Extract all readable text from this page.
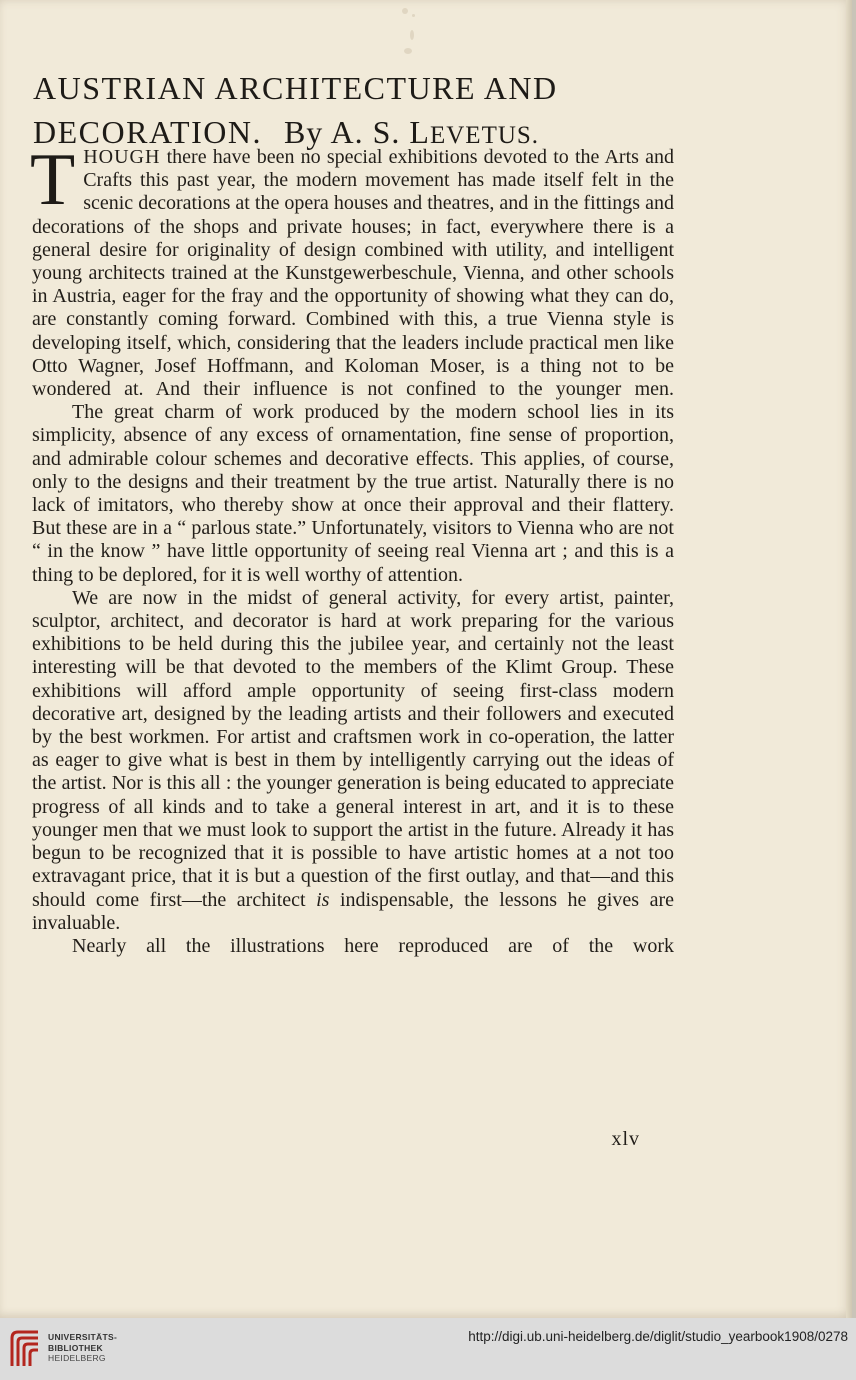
AUSTRIAN ARCHITECTURE AND
DECORATION. By A. S. LEVETUS.

THOUGH there have been no special exhibitions devoted to the Arts and Crafts this past year, the modern movement has made itself felt in the scenic decorations at the opera houses and theatres, and in the fittings and decorations of the shops and private houses; in fact, everywhere there is a general desire for originality of design combined with utility, and intelligent young architects trained at the Kunstgewerbeschule, Vienna, and other schools in Austria, eager for the fray and the opportunity of showing what they can do, are constantly coming forward. Combined with this, a true Vienna style is developing itself, which, considering that the leaders include practical men like Otto Wagner, Josef Hoffmann, and Koloman Moser, is a thing not to be wondered at. And their influence is not confined to the younger men.

The great charm of work produced by the modern school lies in its simplicity, absence of any excess of ornamentation, fine sense of proportion, and admirable colour schemes and decorative effects. This applies, of course, only to the designs and their treatment by the true artist. Naturally there is no lack of imitators, who thereby show at once their approval and their flattery. But these are in a “ parlous state.” Unfortunately, visitors to Vienna who are not “ in the know ” have little opportunity of seeing real Vienna art ; and this is a thing to be deplored, for it is well worthy of attention.

We are now in the midst of general activity, for every artist, painter, sculptor, architect, and decorator is hard at work preparing for the various exhibitions to be held during this the jubilee year, and certainly not the least interesting will be that devoted to the members of the Klimt Group. These exhibitions will afford ample opportunity of seeing first-class modern decorative art, designed by the leading artists and their followers and executed by the best workmen. For artist and craftsmen work in co-operation, the latter as eager to give what is best in them by intelligently carrying out the ideas of the artist. Nor is this all : the younger generation is being educated to appreciate progress of all kinds and to take a general interest in art, and it is to these younger men that we must look to support the artist in the future. Already it has begun to be recognized that it is possible to have artistic homes at a not too extravagant price, that it is but a question of the first outlay, and that—and this should come first—the architect is indispensable, the lessons he gives are invaluable.

Nearly all the illustrations here reproduced are of the work

xlv
UNIVERSITÄTS-
BIBLIOTHEK
HEIDELBERG
http://digi.ub.uni-heidelberg.de/diglit/studio_yearbook1908/0278
